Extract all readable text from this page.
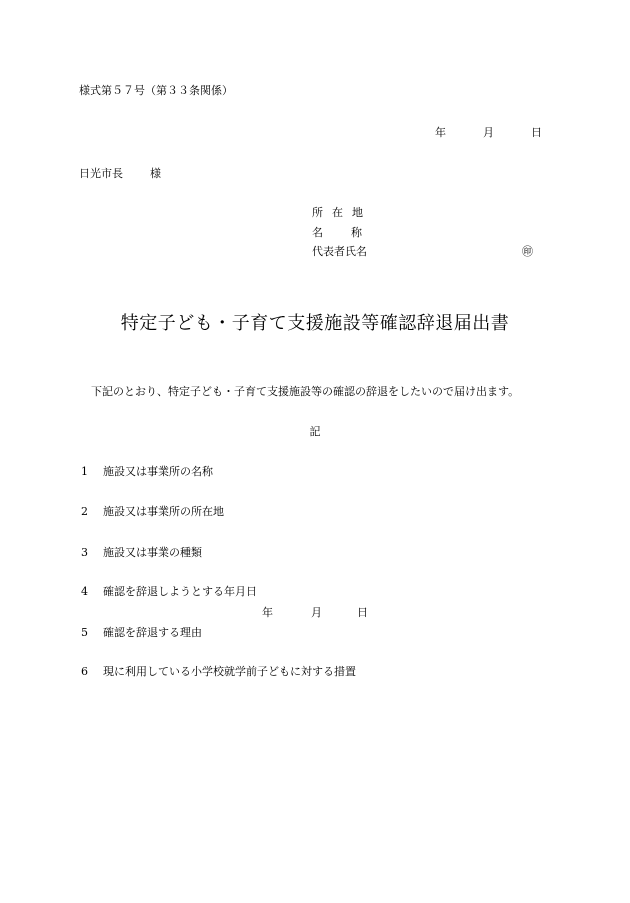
様式第５７号（第３３条関係）
年	月	日
日光市長 様
所在地
名称
代表者氏名	㊞
特定子ども・子育て支援施設等確認辞退届出書
下記のとおり、特定子ども・子育て支援施設等の確認の辞退をしたいので届け出ます。
記
1 施設又は事業所の名称
2 施設又は事業所の所在地
3 施設又は事業の種類
4 確認を辞退しようとする年月日
年	月	日
5 確認を辞退する理由
6 現に利用している小学校就学前子どもに対する措置
